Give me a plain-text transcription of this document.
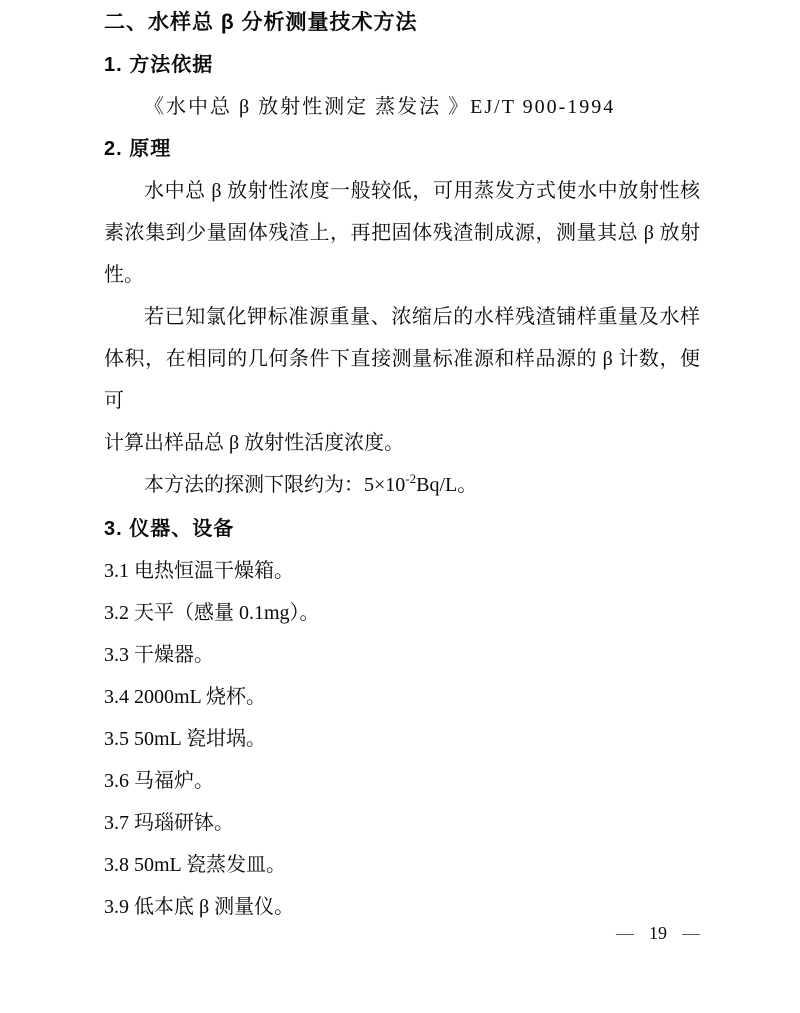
二、水样总 β 分析测量技术方法
1. 方法依据
《水中总 β 放射性测定 蒸发法 》EJ/T 900-1994
2. 原理
水中总 β 放射性浓度一般较低，可用蒸发方式使水中放射性核
素浓集到少量固体残渣上，再把固体残渣制成源，测量其总 β 放射
性。
若已知氯化钾标准源重量、浓缩后的水样残渣铺样重量及水样
体积，在相同的几何条件下直接测量标准源和样品源的 β 计数，便可
计算出样品总 β 放射性活度浓度。
本方法的探测下限约为：$5\times 10^{-2}Bq/L$。
3. 仪器、设备
3.1 电热恒温干燥箱。
3.2 天平（感量 0.1mg）。
3.3 干燥器。
3.4 2000mL 烧杯。
3.5 50mL 瓷坩埚。
3.6 马福炉。
3.7 玛瑙研钵。
3.8 50mL 瓷蒸发皿。
3.9 低本底 β 测量仪。
— 19 —
